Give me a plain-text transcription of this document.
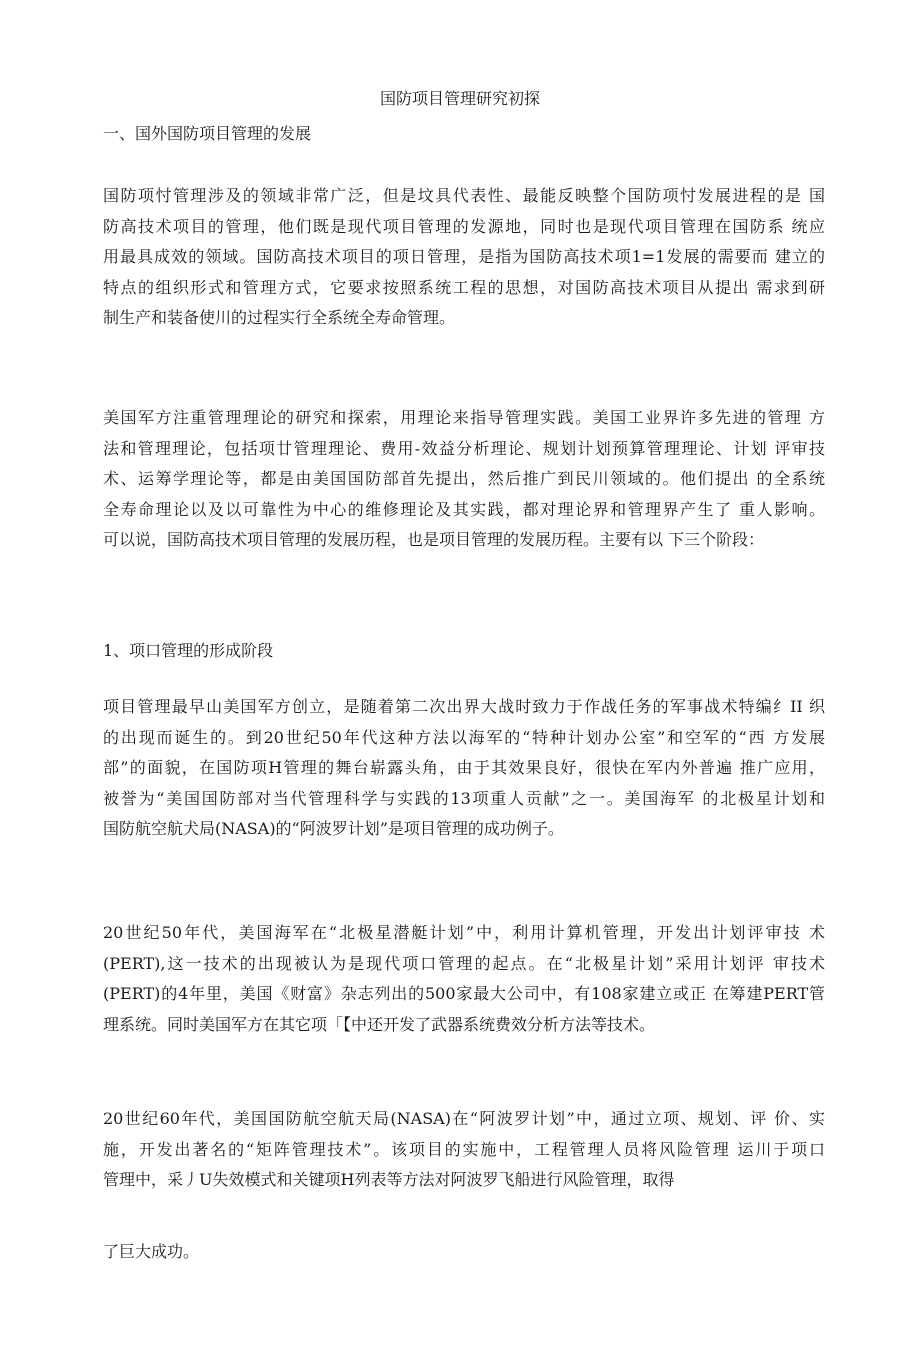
国防项目管理研究初探
一、国外国防项目管理的发展

国防项忖管理涉及的领域非常广泛，但是坟具代表性、最能反映整个国防项忖发展进程的是 国
防高技术项目的管理，他们既是现代项目管理的发源地，同时也是现代项目管理在国防系 统应
用最具成效的领域。国防高技术项目的项日管理，是指为国防高技术项1=1发展的需要而 建立的
特点的组织形式和管理方式，它要求按照系统工程的思想，对国防高技术项目从提出 需求到研
制生产和装备使川的过程实行全系统全寿命管理。

美国军方注重管理理论的研究和探索，用理论来指导管理实践。美国工业界许多先进的管理 方
法和管理理论，包括项廿管理理论、费用-效益分析理论、规划计划预算管理理论、计划 评审技
术、运筹学理论等，都是由美国国防部首先提出，然后推广到民川领域的。他们提出 的全系统
全寿命理论以及以可靠性为中心的维修理论及其实践，都对理论界和管理界产生了 重人影响。
可以说，国防高技术项目管理的发展历程，也是项目管理的发展历程。主要有以 下三个阶段：

1、项口管理的形成阶段

项目管理最早山美国军方创立，是随着第二次出界大战时致力于作战任务的军事战术特编纟II 织
的出现而诞生的。到20世纪50年代这种方法以海军的“特种计划办公室”和空军的“西 方发展
部”的面貌，在国防项H管理的舞台崭露头角，由于其效果良好，很快在军内外普遍 推广应用，
被誉为“美国国防部对当代管理科学与实践的13项重人贡献”之一。美国海军 的北极星计划和
国防航空航犬局(NASA)的“阿波罗计划”是项目管理的成功例子。

20世纪50年代，美国海军在“北极星潜艇计划”中，利用计算机管理，开发出计划评审技 术
(PERT),这一技术的出现被认为是现代项口管理的起点。在“北极星计划”采用计划评 审技术
(PERT)的4年里，美国《财富》杂志列出的500家最大公司中，有108家建立或正 在筹建PERT管
理系统。同时美国军方在其它项「【中还开发了武器系统费效分析方法等技术。

20世纪60年代，美国国防航空航天局(NASA)在“阿波罗计划”中，通过立项、规划、评 价、实
施，开发出著名的“矩阵管理技术”。该项目的实施中，工程管理人员将风险管理 运川于项口
管理中，采丿U失效模式和关键项H列表等方法对阿波罗飞船进行风险管理，取得

了巨大成功。
